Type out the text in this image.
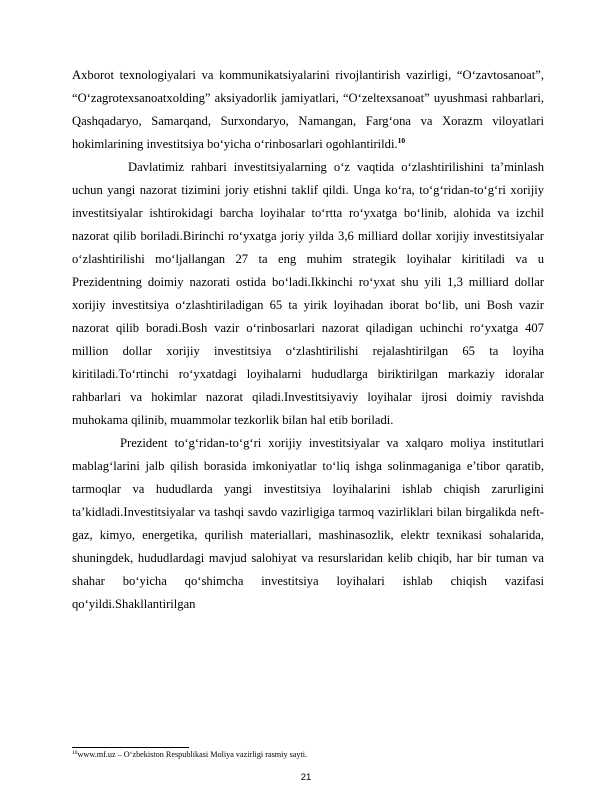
Axborot texnologiyalari va kommunikatsiyalarini rivojlantirish vazirligi, “O‘zavtosanoat”, “O‘zagrotexsanoatxolding” aksiyadorlik jamiyatlari, “O‘zeltexsanoat” uyushmasi rahbarlari, Qashqadaryo, Samarqand, Surxondaryo, Namangan, Farg‘ona va Xorazm viloyatlari hokimlarining investitsiya bo‘yicha o‘rinbosarlari ogohlantirildi.$^{10}$

Davlatimiz rahbari investitsiyalarning o‘z vaqtida o‘zlashtirilishini ta’minlash uchun yangi nazorat tizimini joriy etishni taklif qildi. Unga ko‘ra, to‘g‘ridan-to‘g‘ri xorijiy investitsiyalar ishtirokidagi barcha loyihalar to‘rtta ro‘yxatga bo‘linib, alohida va izchil nazorat qilib boriladi.Birinchi ro‘yxatga joriy yilda 3,6 milliard dollar xorijiy investitsiyalar o‘zlashtirilishi mo‘ljallangan 27 ta eng muhim strategik loyihalar kiritiladi va u Prezidentning doimiy nazorati ostida bo‘ladi.Ikkinchi ro‘yxat shu yili 1,3 milliard dollar xorijiy investitsiya o‘zlashtiriladigan 65 ta yirik loyihadan iborat bo‘lib, uni Bosh vazir nazorat qilib boradi.Bosh vazir o‘rinbosarlari nazorat qiladigan uchinchi ro‘yxatga 407 million dollar xorijiy investitsiya o‘zlashtirilishi rejalashtirilgan 65 ta loyiha kiritiladi.To‘rtinchi ro‘yxatdagi loyihalarni hududlarga biriktirilgan markaziy idoralar rahbarlari va hokimlar nazorat qiladi.Investitsiyaviy loyihalar ijrosi doimiy ravishda muhokama qilinib, muammolar tezkorlik bilan hal etib boriladi.

Prezident to‘g‘ridan-to‘g‘ri xorijiy investitsiyalar va xalqaro moliya institutlari mablag‘larini jalb qilish borasida imkoniyatlar to‘liq ishga solinmaganiga e’tibor qaratib, tarmoqlar va hududlarda yangi investitsiya loyihalarini ishlab chiqish zarurligini ta’kidladi.Investitsiyalar va tashqi savdo vazirligiga tarmoq vazirliklari bilan birgalikda neft-gaz, kimyo, energetika, qurilish materiallari, mashinasozlik, elektr texnikasi sohalarida, shuningdek, hududlardagi mavjud salohiyat va resurslaridan kelib chiqib, har bir tuman va shahar bo‘yicha qo‘shimcha investitsiya loyihalari ishlab chiqish vazifasi qo‘yildi.Shakllantirilgan

$^{10}$www.mf.uz – O‘zbekiston Respublikasi Moliya vazirligi rasmiy sayti.
21
